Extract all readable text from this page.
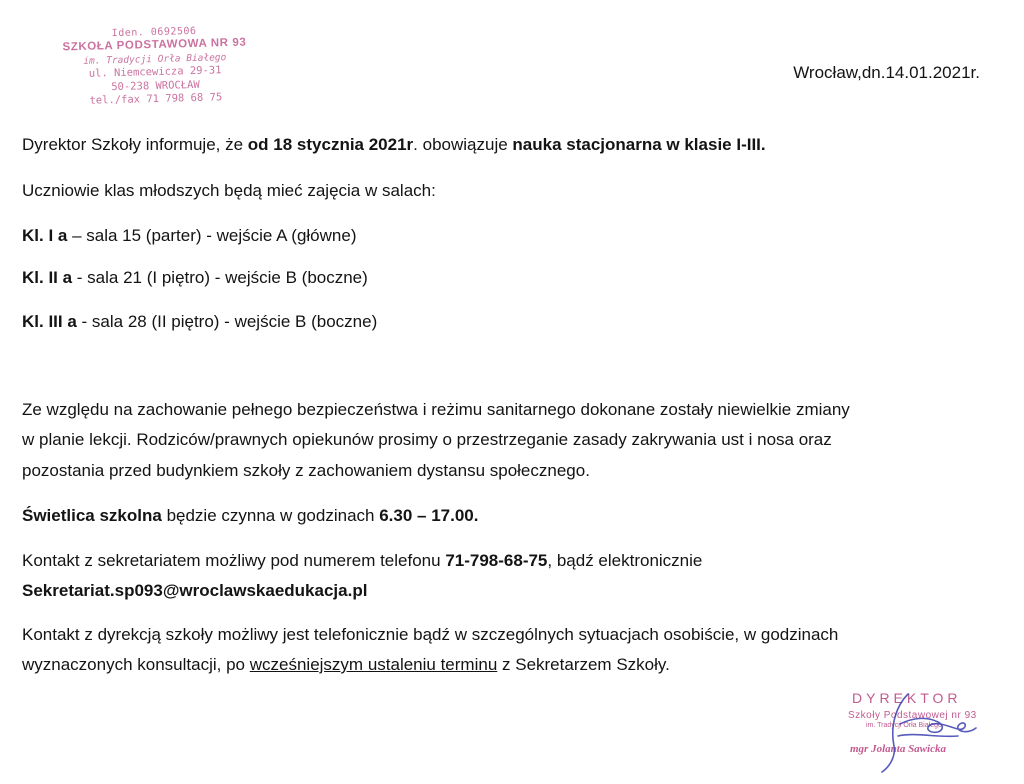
Iden. 0692506
SZKOŁA PODSTAWOWA NR 93
im. Tradycji Orła Białego
ul. Niemcewicza 29-31
50-238 WROCŁAW
tel./fax 71 798 68 75
Wrocław,dn.14.01.2021r.
Dyrektor Szkoły informuje, że od 18 stycznia 2021r. obowiązuje nauka stacjonarna w klasie I-III.
Uczniowie klas młodszych będą mieć zajęcia w salach:
Kl. I a – sala 15 (parter) - wejście A (główne)
Kl. II a - sala 21 (I piętro) - wejście B (boczne)
Kl. III a - sala 28 (II piętro) - wejście B (boczne)
Ze względu na zachowanie pełnego bezpieczeństwa i reżimu sanitarnego dokonane zostały niewielkie zmiany
w planie lekcji. Rodziców/prawnych opiekunów prosimy o przestrzeganie zasady zakrywania ust i nosa oraz
pozostania przed budynkiem szkoły z zachowaniem dystansu społecznego.
Świetlica szkolna będzie czynna w godzinach 6.30 – 17.00.
Kontakt z sekretariatem możliwy pod numerem telefonu 71-798-68-75, bądź elektronicznie
Sekretariat.sp093@wroclawskaedukacja.pl
Kontakt z dyrekcją szkoły możliwy jest telefonicznie bądź w szczególnych sytuacjach osobiście, w godzinach
wyznaczonych konsultacji, po wcześniejszym ustaleniu terminu z Sekretarzem Szkoły.
DYREKTOR
Szkoły Podstawowej nr 93
im. Tradycji Orła Białego
mgr Jolanta Sawicka
